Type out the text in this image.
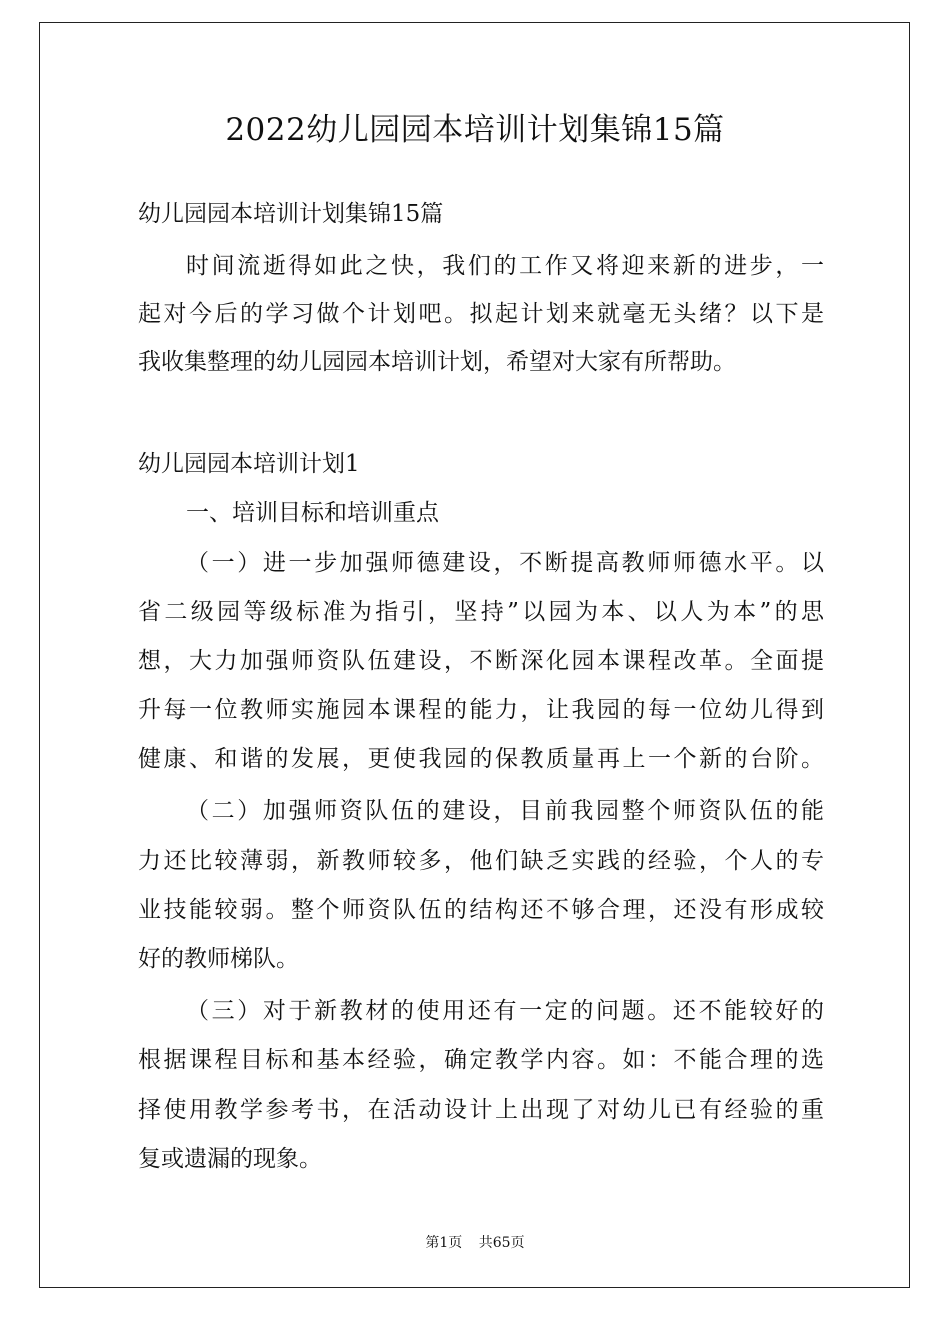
2022幼儿园园本培训计划集锦15篇

幼儿园园本培训计划集锦15篇

时间流逝得如此之快，我们的工作又将迎来新的进步，一

起对今后的学习做个计划吧。拟起计划来就毫无头绪？以下是

我收集整理的幼儿园园本培训计划，希望对大家有所帮助。

幼儿园园本培训计划1

一、培训目标和培训重点

（一）进一步加强师德建设，不断提高教师师德水平。以

省二级园等级标准为指引，坚持”以园为本、以人为本”的思

想，大力加强师资队伍建设，不断深化园本课程改革。全面提

升每一位教师实施园本课程的能力，让我园的每一位幼儿得到

健康、和谐的发展，更使我园的保教质量再上一个新的台阶。

（二）加强师资队伍的建设，目前我园整个师资队伍的能

力还比较薄弱，新教师较多，他们缺乏实践的经验，个人的专

业技能较弱。整个师资队伍的结构还不够合理，还没有形成较

好的教师梯队。

（三）对于新教材的使用还有一定的问题。还不能较好的

根据课程目标和基本经验，确定教学内容。如：不能合理的选

择使用教学参考书，在活动设计上出现了对幼儿已有经验的重

复或遗漏的现象。

第1页 共65页
